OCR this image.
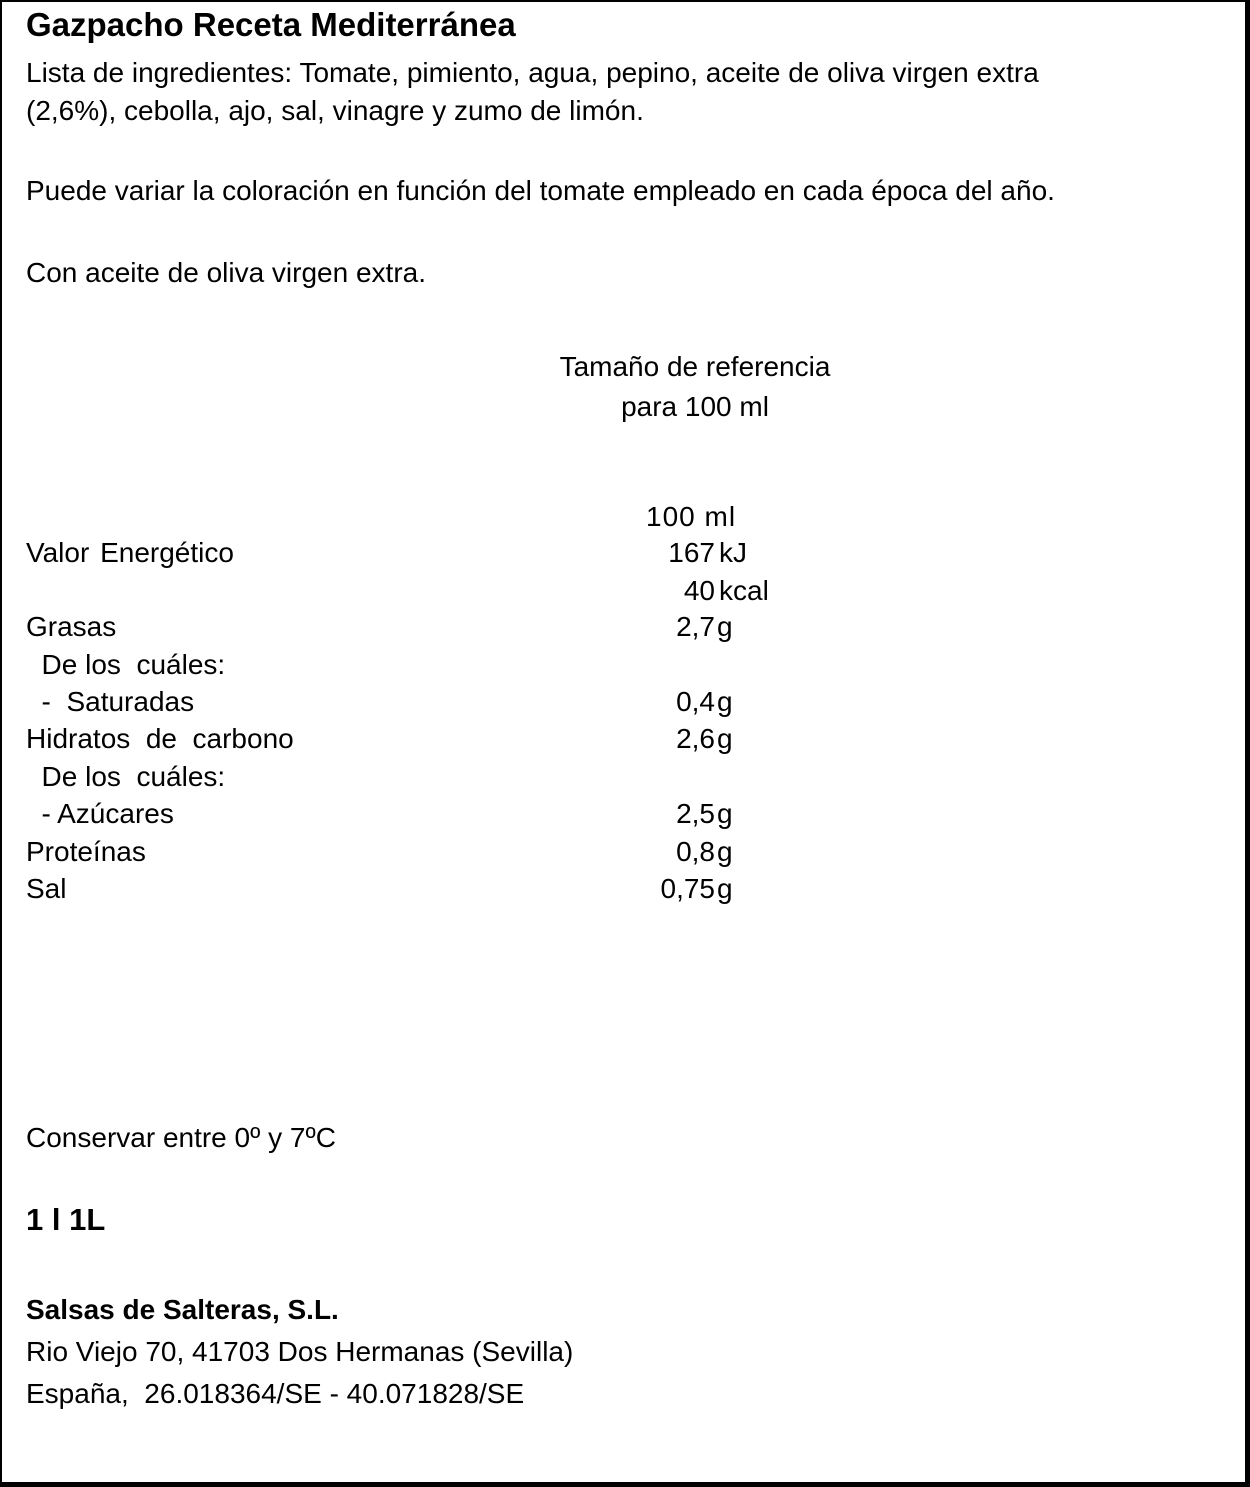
Gazpacho Receta Mediterránea
Lista de ingredientes: Tomate, pimiento, agua, pepino, aceite de oliva virgen extra
(2,6%), cebolla, ajo, sal, vinagre y zumo de limón.
Puede variar la coloración en función del tomate empleado en cada época del año.
Con aceite de oliva virgen extra.
Tamaño de referencia
para 100 ml
100 ml
Valor Energético	167 kJ
40 kcal
Grasas	2,7 g
De los  cuáles:
-  Saturadas	0,4 g
Hidratos  de  carbono	2,6 g
De los  cuáles:
- Azúcares	2,5 g
Proteínas	0,8 g
Sal	0,75 g
Conservar entre 0º y 7ºC
1 l 1L
Salsas de Salteras, S.L.
Rio Viejo 70, 41703 Dos Hermanas (Sevilla)
España,  26.018364/SE - 40.071828/SE
